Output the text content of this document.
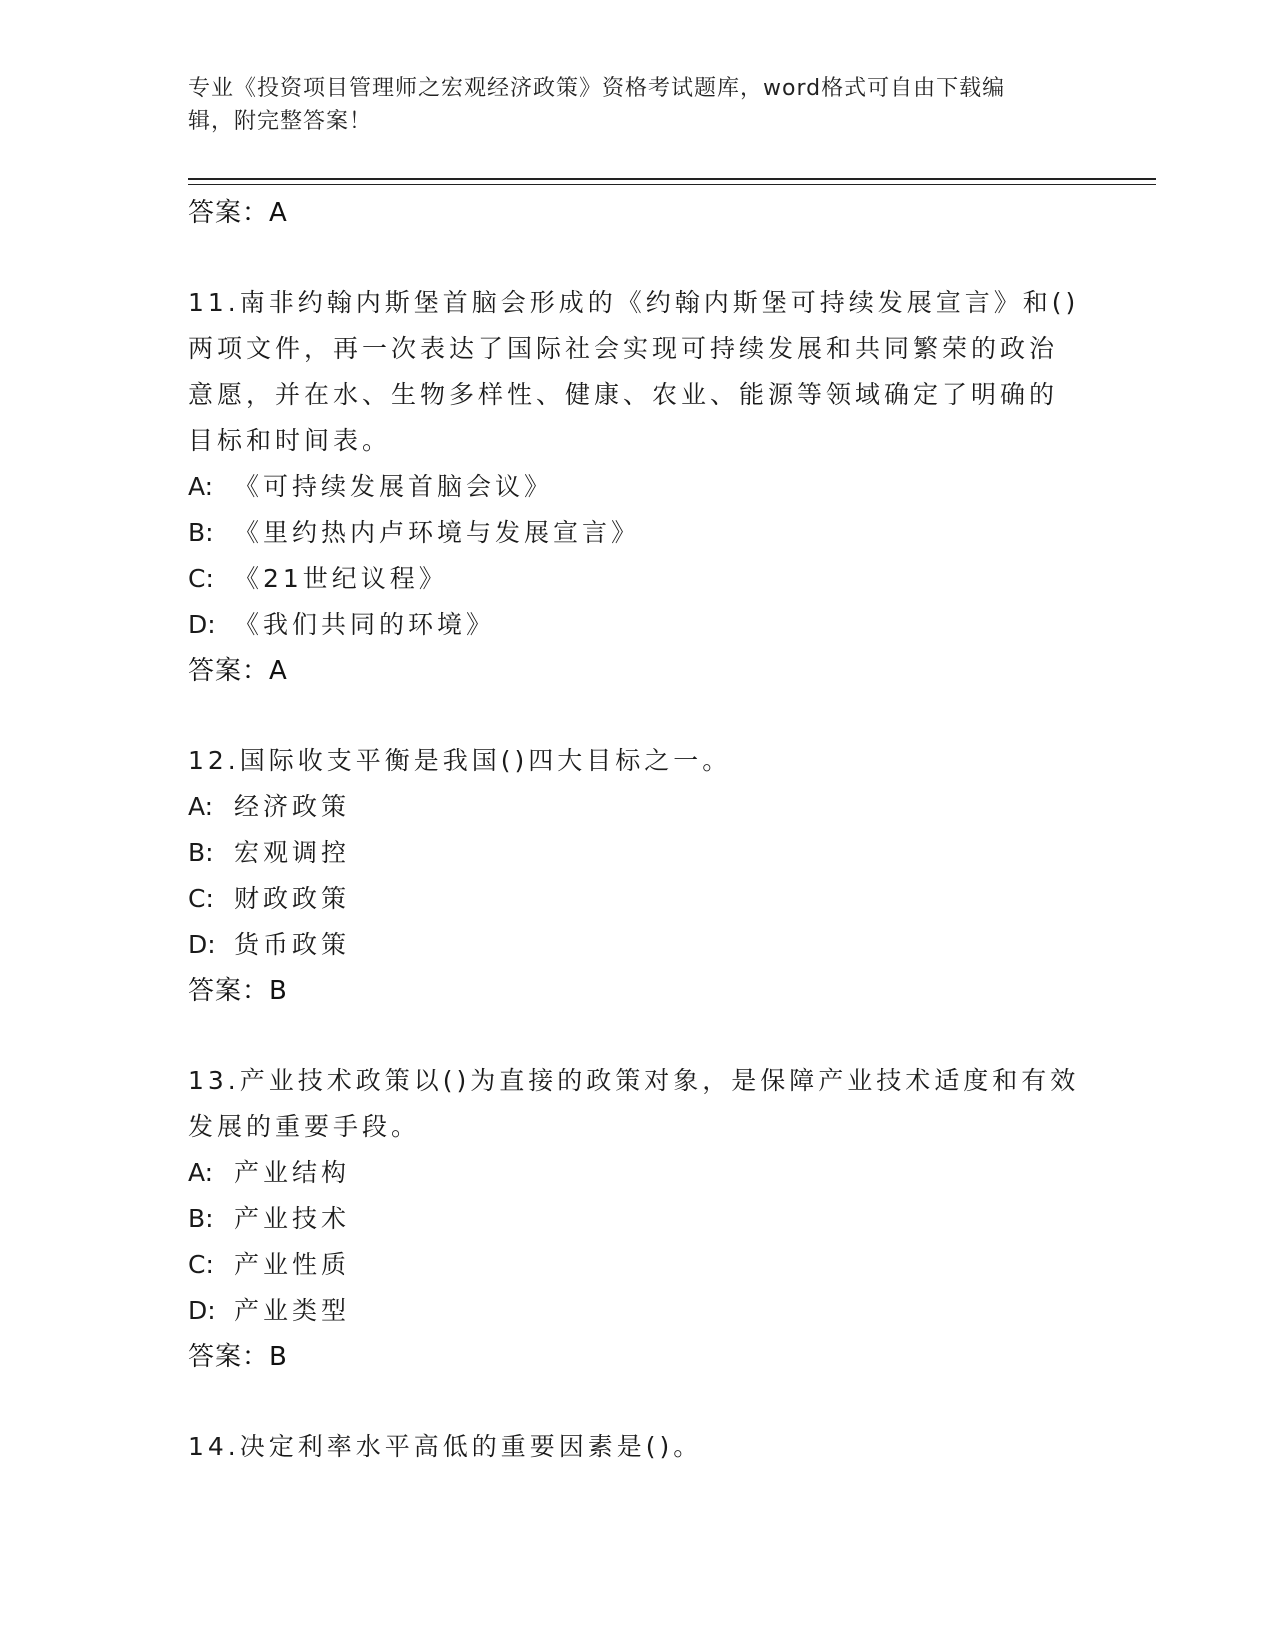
专业《投资项目管理师之宏观经济政策》资格考试题库，word格式可自由下载编
辑，附完整答案！
答案：A
11.南非约翰内斯堡首脑会形成的《约翰内斯堡可持续发展宣言》和()
两项文件，再一次表达了国际社会实现可持续发展和共同繁荣的政治
意愿，并在水、生物多样性、健康、农业、能源等领域确定了明确的
目标和时间表。
A: 《可持续发展首脑会议》
B: 《里约热内卢环境与发展宣言》
C: 《21世纪议程》
D: 《我们共同的环境》
答案：A
12.国际收支平衡是我国()四大目标之一。
A: 经济政策
B: 宏观调控
C: 财政政策
D: 货币政策
答案：B
13.产业技术政策以()为直接的政策对象，是保障产业技术适度和有效
发展的重要手段。
A: 产业结构
B: 产业技术
C: 产业性质
D: 产业类型
答案：B
14.决定利率水平高低的重要因素是()。
